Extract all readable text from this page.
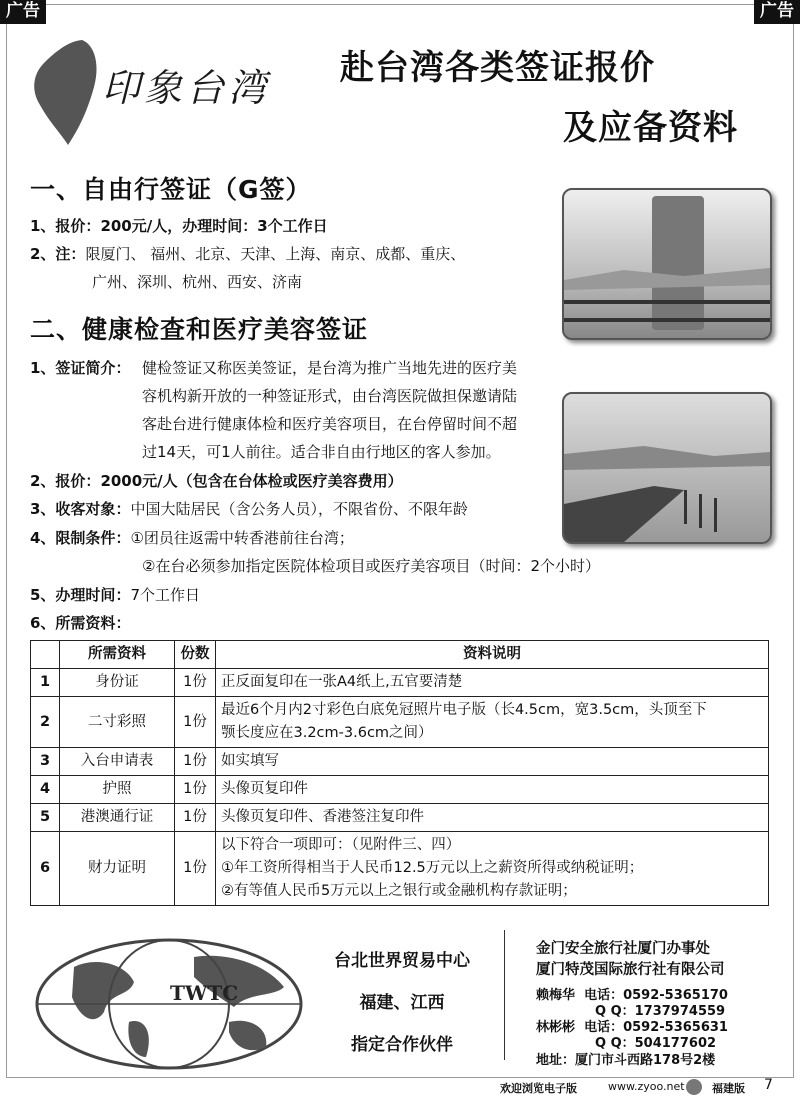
广告	广告
印象台湾 赴台湾各类签证报价
及应备资料
一、自由行签证（G签）
1、报价：200元/人，办理时间：3个工作日
2、注：限厦门、 福州、北京、天津、上海、南京、成都、重庆、
广州、深圳、杭州、西安、济南
二、健康检查和医疗美容签证
1、签证简介： 健检签证又称医美签证，是台湾为推广当地先进的医疗美
容机构新开放的一种签证形式，由台湾医院做担保邀请陆
客赴台进行健康体检和医疗美容项目，在台停留时间不超
过14天，可1人前往。适合非自由行地区的客人参加。
2、报价：2000元/人（包含在台体检或医疗美容费用）
3、收客对象：中国大陆居民（含公务人员），不限省份、不限年龄
4、限制条件：①团员往返需中转香港前往台湾；
②在台必须参加指定医院体检项目或医疗美容项目（时间：2个小时）
5、办理时间：7个工作日
6、所需资料：
	所需资料	份数	资料说明
1	身份证	1份	正反面复印在一张A4纸上,五官要清楚

2	二寸彩照	1份	最近6个月内2寸彩色白底免冠照片电子版（长4.5cm，宽3.5cm，头顶至下
颚长度应在3.2cm-3.6cm之间）

3	入台申请表	1份	如实填写

4	护照	1份	头像页复印件

5	港澳通行证	1份	头像页复印件、香港签注复印件

6	财力证明	1份	以下符合一项即可：（见附件三、四）
①年工资所得相当于人民币12.5万元以上之薪资所得或纳税证明；
②有等值人民币5万元以上之银行或金融机构存款证明；
TWTC
台北世界贸易中心
福建、江西
指定合作伙伴
金门安全旅行社厦门办事处
厦门特茂国际旅行社有限公司
赖梅华 电话：0592-5365170
Q Q：1737974559
林彬彬 电话：0592-5365631
Q Q：504177602
地址：厦门市斗西路178号2楼
欢迎浏览电子版	www.zyoo.net 福建版 7
